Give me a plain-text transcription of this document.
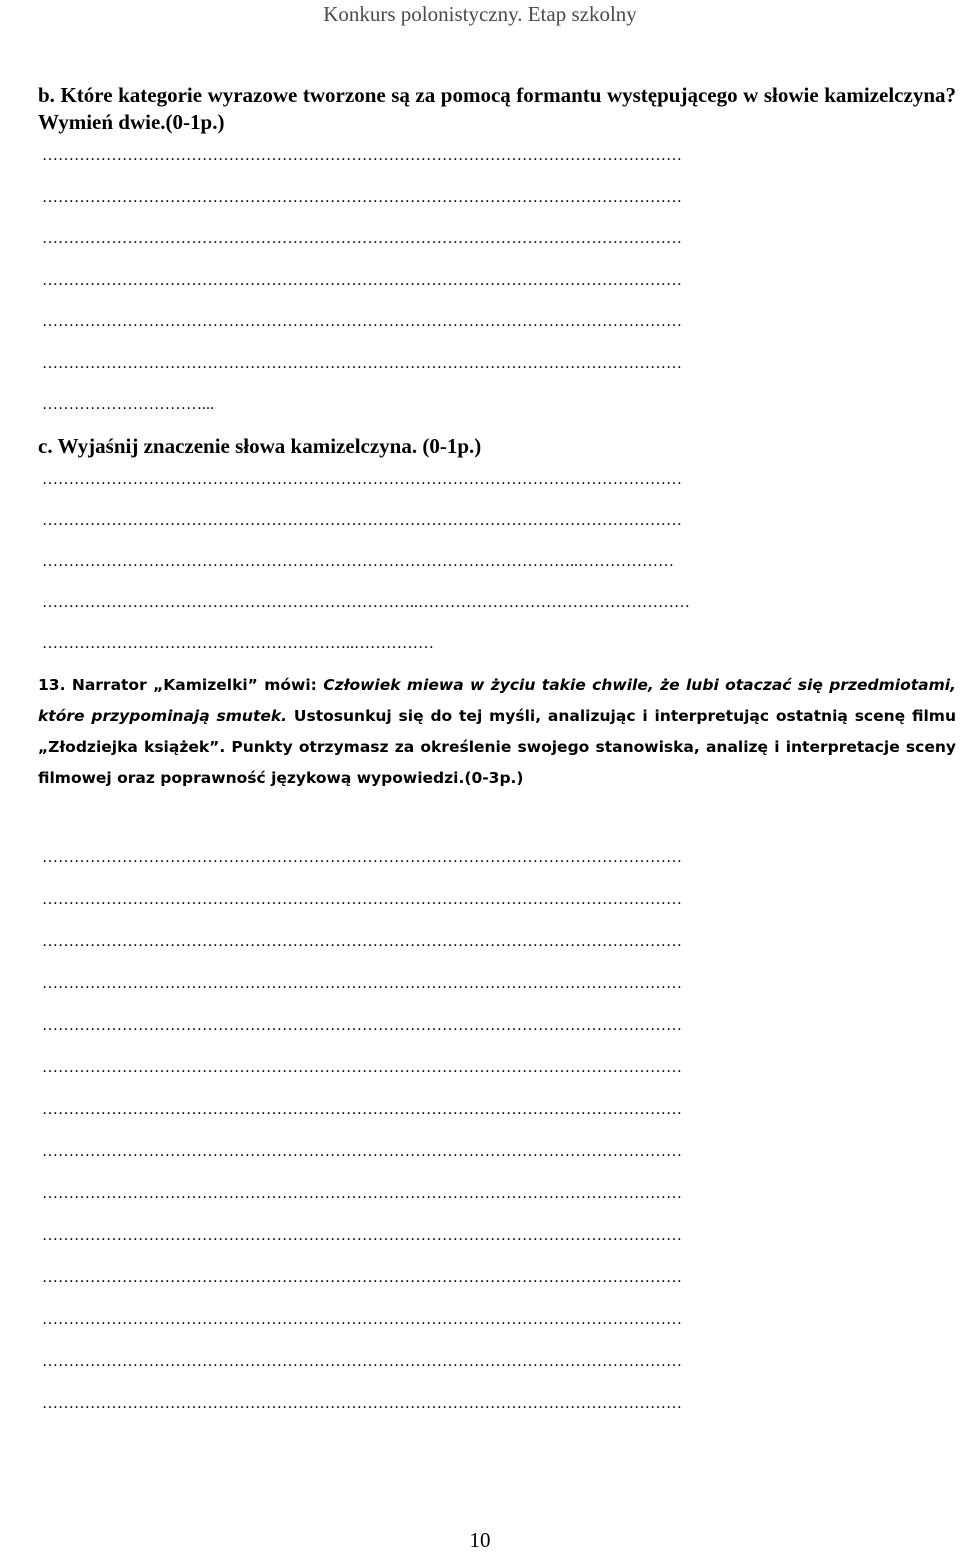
Konkurs polonistyczny. Etap szkolny
b. Które kategorie wyrazowe tworzone są za pomocą formantu występującego w słowie kamizelczyna? Wymień dwie.(0-1p.)
…………………………………………………………………………………………………………
…………………………………………………………………………………………………………
…………………………………………………………………………………………………………
…………………………………………………………………………………………………………
…………………………………………………………………………………………………………
…………………………………………………………………………………………………………
…………………………...
c. Wyjaśnij znaczenie słowa kamizelczyna. (0-1p.)
…………………………………………………………………………………………………………
…………………………………………………………………………………………………………
………………………………………………………………………………………..………………
……………………………………………………………..……………………………………………
…………………………………………………..……………
13. Narrator „Kamizelki” mówi: Człowiek miewa w życiu takie chwile, że lubi otaczać się przedmiotami, które przypominają smutek. Ustosunkuj się do tej myśli, analizując i interpretując ostatnią scenę filmu „Złodziejka książek”. Punkty otrzymasz za określenie swojego stanowiska, analizę i interpretacje sceny filmowej oraz poprawność językową wypowiedzi.(0-3p.)
…………………………………………………………………………………………………………
…………………………………………………………………………………………………………
…………………………………………………………………………………………………………
…………………………………………………………………………………………………………
…………………………………………………………………………………………………………
…………………………………………………………………………………………………………
…………………………………………………………………………………………………………
…………………………………………………………………………………………………………
…………………………………………………………………………………………………………
…………………………………………………………………………………………………………
…………………………………………………………………………………………………………
…………………………………………………………………………………………………………
…………………………………………………………………………………………………………
…………………………………………………………………………………………………………
10
